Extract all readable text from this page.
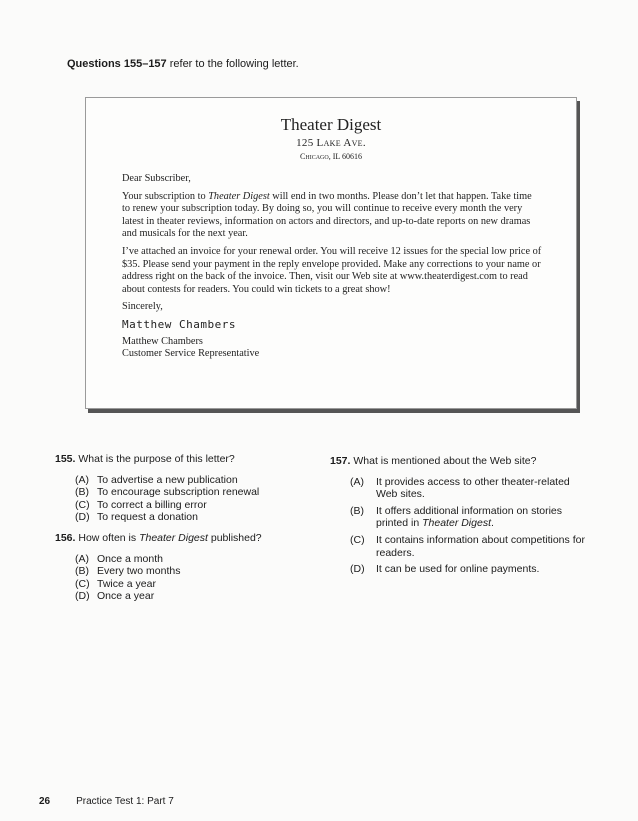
Questions 155–157 refer to the following letter.
Theater Digest
125 Lake Ave.
Chicago, IL 60616

Dear Subscriber,

Your subscription to Theater Digest will end in two months. Please don’t let that happen. Take time to renew your subscription today. By doing so, you will continue to receive every month the very latest in theater reviews, information on actors and directors, and up-to-date reports on new dramas and musicals for the next year.

I’ve attached an invoice for your renewal order. You will receive 12 issues for the special low price of $35. Please send your payment in the reply envelope provided. Make any corrections to your name or address right on the back of the invoice. Then, visit our Web site at www.theaterdigest.com to read about contests for readers. You could win tickets to a great show!

Sincerely,

Matthew Chambers
Matthew Chambers
Customer Service Representative
155. What is the purpose of this letter?
(A) To advertise a new publication
(B) To encourage subscription renewal
(C) To correct a billing error
(D) To request a donation
156. How often is Theater Digest published?
(A) Once a month
(B) Every two months
(C) Twice a year
(D) Once a year
157. What is mentioned about the Web site?
(A)	It provides access to other theater-related Web sites.
(B)	It offers additional information on stories printed in Theater Digest.
(C)	It contains information about competitions for readers.
(D)	It can be used for online payments.
26	Practice Test 1: Part 7
